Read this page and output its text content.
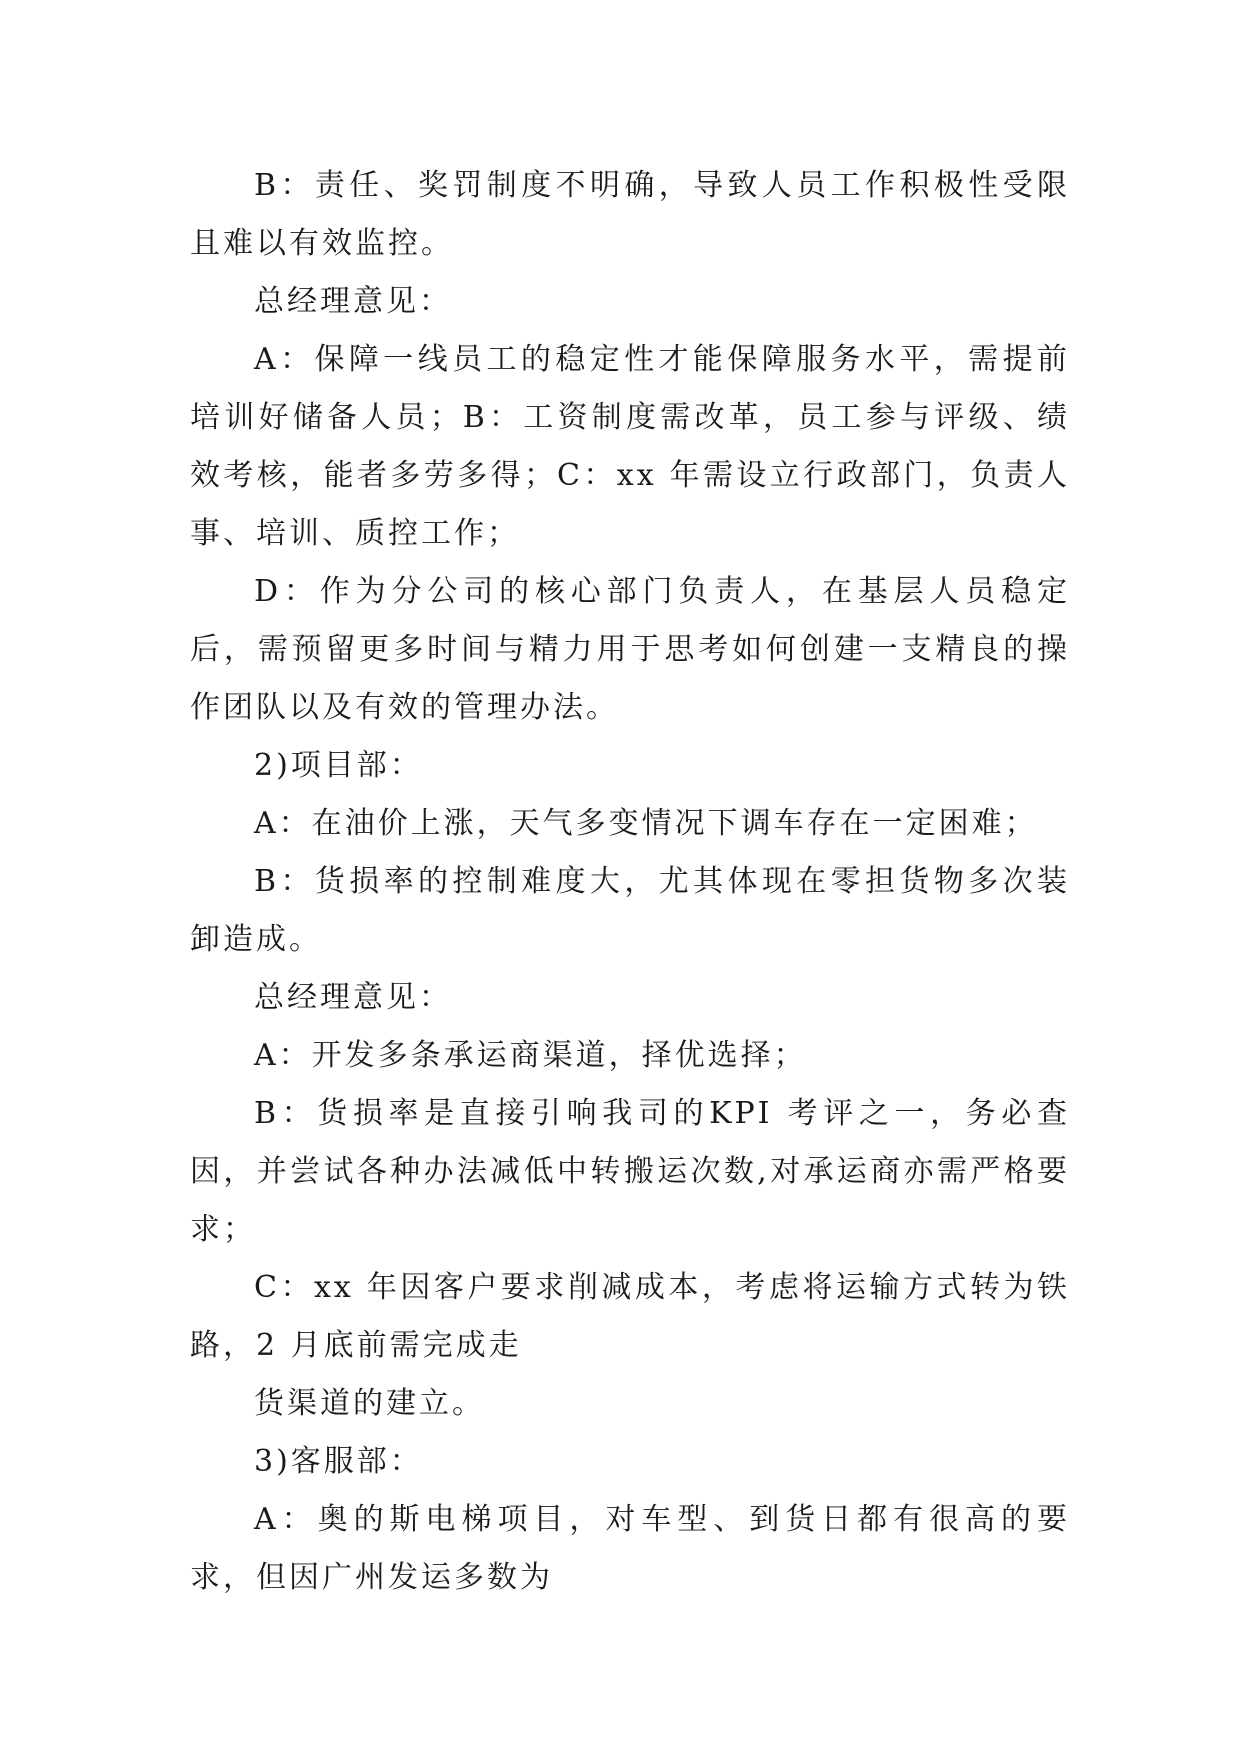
B：责任、奖罚制度不明确，导致人员工作积极性受限且难以有效监控。

总经理意见：

A：保障一线员工的稳定性才能保障服务水平，需提前培训好储备人员；B：工资制度需改革，员工参与评级、绩效考核，能者多劳多得；C：xx 年需设立行政部门，负责人事、培训、质控工作；

D：作为分公司的核心部门负责人，在基层人员稳定后，需预留更多时间与精力用于思考如何创建一支精良的操作团队以及有效的管理办法。

2)项目部：

A：在油价上涨，天气多变情况下调车存在一定困难；

B：货损率的控制难度大，尤其体现在零担货物多次装卸造成。

总经理意见：

A：开发多条承运商渠道，择优选择；

B：货损率是直接引响我司的KPI 考评之一，务必查因，并尝试各种办法减低中转搬运次数,对承运商亦需严格要求；

C：xx 年因客户要求削减成本，考虑将运输方式转为铁路，2 月底前需完成走

货渠道的建立。

3)客服部：

A：奥的斯电梯项目，对车型、到货日都有很高的要求，但因广州发运多数为
